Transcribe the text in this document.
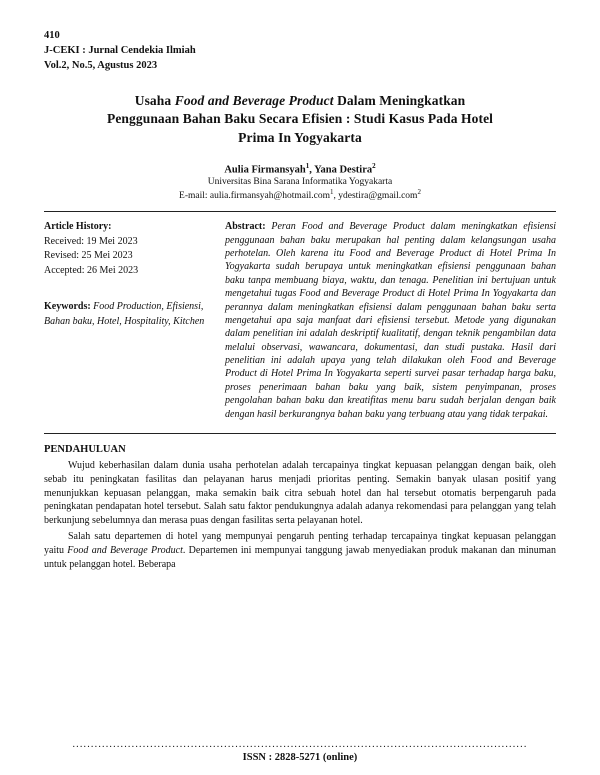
410
J-CEKI : Jurnal Cendekia Ilmiah
Vol.2, No.5, Agustus 2023
Usaha Food and Beverage Product Dalam Meningkatkan
Penggunaan Bahan Baku Secara Efisien : Studi Kasus Pada Hotel
Prima In Yogyakarta
Aulia Firmansyah$^1$, Yana Destira$^2$
Universitas Bina Sarana Informatika Yogyakarta
E-mail: aulia.firmansyah@hotmail.com$^1$, ydestira@gmail.com$^2$
Article History:
Received: 19 Mei 2023
Revised: 25 Mei 2023
Accepted: 26 Mei 2023
Keywords: Food Production, Efisiensi, Bahan baku, Hotel, Hospitality, Kitchen
Abstract: Peran Food and Beverage Product dalam meningkatkan efisiensi penggunaan bahan baku merupakan hal penting dalam kelangsungan usaha perhotelan. Oleh karena itu Food and Beverage Product di Hotel Prima In Yogyakarta sudah berupaya untuk meningkatkan efisiensi penggunaan bahan baku tanpa membuang biaya, waktu, dan tenaga. Penelitian ini bertujuan untuk mengetahui tugas Food and Beverage Product di Hotel Prima In Yogyakarta dan perannya dalam meningkatkan efisiensi dalam penggunaan bahan baku serta mengetahui apa saja manfaat dari efisiensi tersebut. Metode yang digunakan dalam penelitian ini adalah deskriptif kualitatif, dengan teknik pengambilan data melalui observasi, wawancara, dokumentasi, dan studi pustaka. Hasil dari penelitian ini adalah upaya yang telah dilakukan oleh Food and Beverage Product di Hotel Prima In Yogyakarta seperti survei pasar terhadap harga baku, proses penerimaan bahan baku yang baik, sistem penyimpanan, proses pengolahan bahan baku dan kreatifitas menu baru sudah berjalan dengan baik dengan hasil berkurangnya bahan baku yang terbuang atau yang tidak terpakai.
PENDAHULUAN

Wujud keberhasilan dalam dunia usaha perhotelan adalah tercapainya tingkat kepuasan pelanggan dengan baik, oleh sebab itu peningkatan fasilitas dan pelayanan harus menjadi prioritas penting. Semakin banyak ulasan positif yang menunjukkan kepuasan pelanggan, maka semakin baik citra sebuah hotel dan hal tersebut otomatis berpengaruh pada peningkatan pendapatan hotel tersebut. Salah satu faktor pendukungnya adalah adanya rekomendasi para pelanggan yang telah berkunjung sebelumnya dan merasa puas dengan fasilitas serta pelayanan hotel.

Salah satu departemen di hotel yang mempunyai pengaruh penting terhadap tercapainya tingkat kepuasan pelanggan yaitu Food and Beverage Product. Departemen ini mempunyai tanggung jawab menyediakan produk makanan dan minuman untuk pelanggan hotel. Beberapa

...........................................................................................................................
ISSN : 2828-5271 (online)
